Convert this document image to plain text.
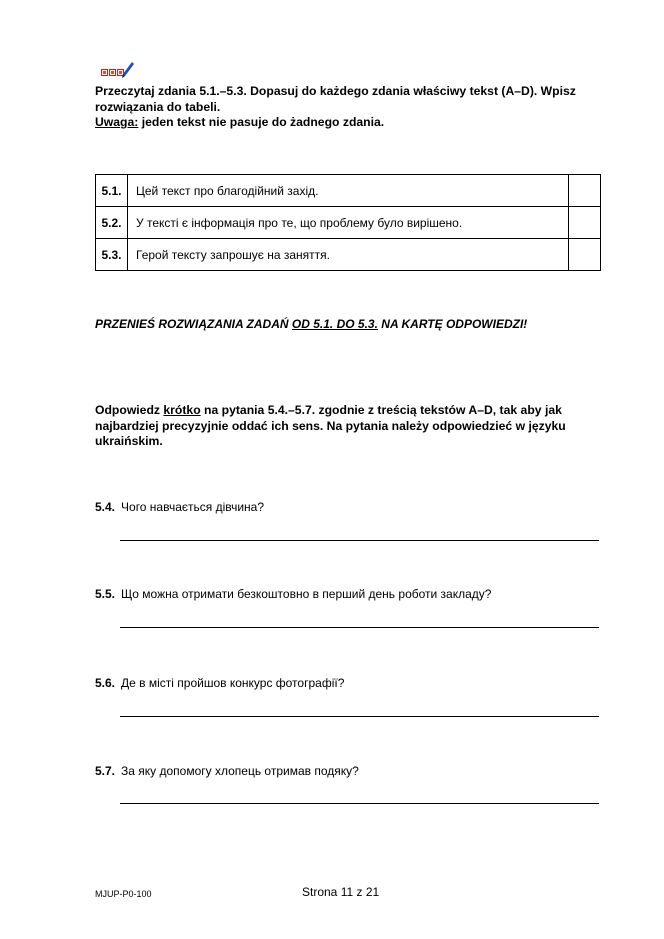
Przeczytaj zdania 5.1.–5.3. Dopasuj do każdego zdania właściwy tekst (A–D). Wpisz

rozwiązania do tabeli.

Uwaga: jeden tekst nie pasuje do żadnego zdania.

5.1.	Цей текст про благодійний захід.	
5.2.	У тексті є інформація про те, що проблему було вирішено.	
5.3.	Герой тексту запрошує на заняття.	
PRZENIEŚ ROZWIĄZANIA ZADAŃ OD 5.1. DO 5.3. NA KARTĘ ODPOWIEDZI!

Odpowiedz krótko na pytania 5.4.–5.7. zgodnie z treścią tekstów A–D, tak aby jak

najbardziej precyzyjnie oddać ich sens. Na pytania należy odpowiedzieć w języku

ukraińskim.

5.4. Чого навчається дівчина?
5.5. Що можна отримати безкоштовно в перший день роботи закладу?
5.6. Де в місті пройшов конкурс фотографії?
5.7. За яку допомогу хлопець отримав подяку?
MJUP-P0-100	Strona 11 z 21
